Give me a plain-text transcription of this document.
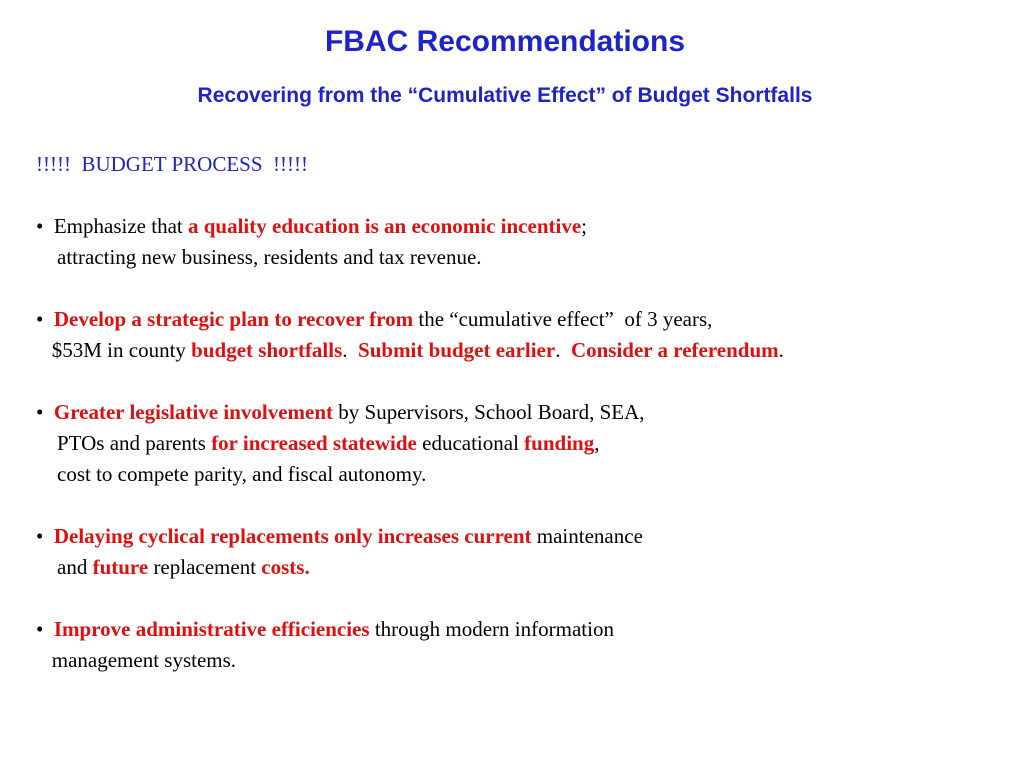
FBAC Recommendations
Recovering from the “Cumulative Effect” of Budget Shortfalls
!!!!!  BUDGET PROCESS  !!!!!
•  Emphasize that a quality education is an economic incentive;
attracting new business, residents and tax revenue.
•  Develop a strategic plan to recover from the “cumulative effect”  of 3 years,
$53M in county budget shortfalls.  Submit budget earlier.  Consider a referendum.
•  Greater legislative involvement by Supervisors, School Board, SEA,
PTOs and parents for increased statewide educational funding,
cost to compete parity, and fiscal autonomy.
•  Delaying cyclical replacements only increases current maintenance
and future replacement costs.
•  Improve administrative efficiencies through modern information
management systems.
